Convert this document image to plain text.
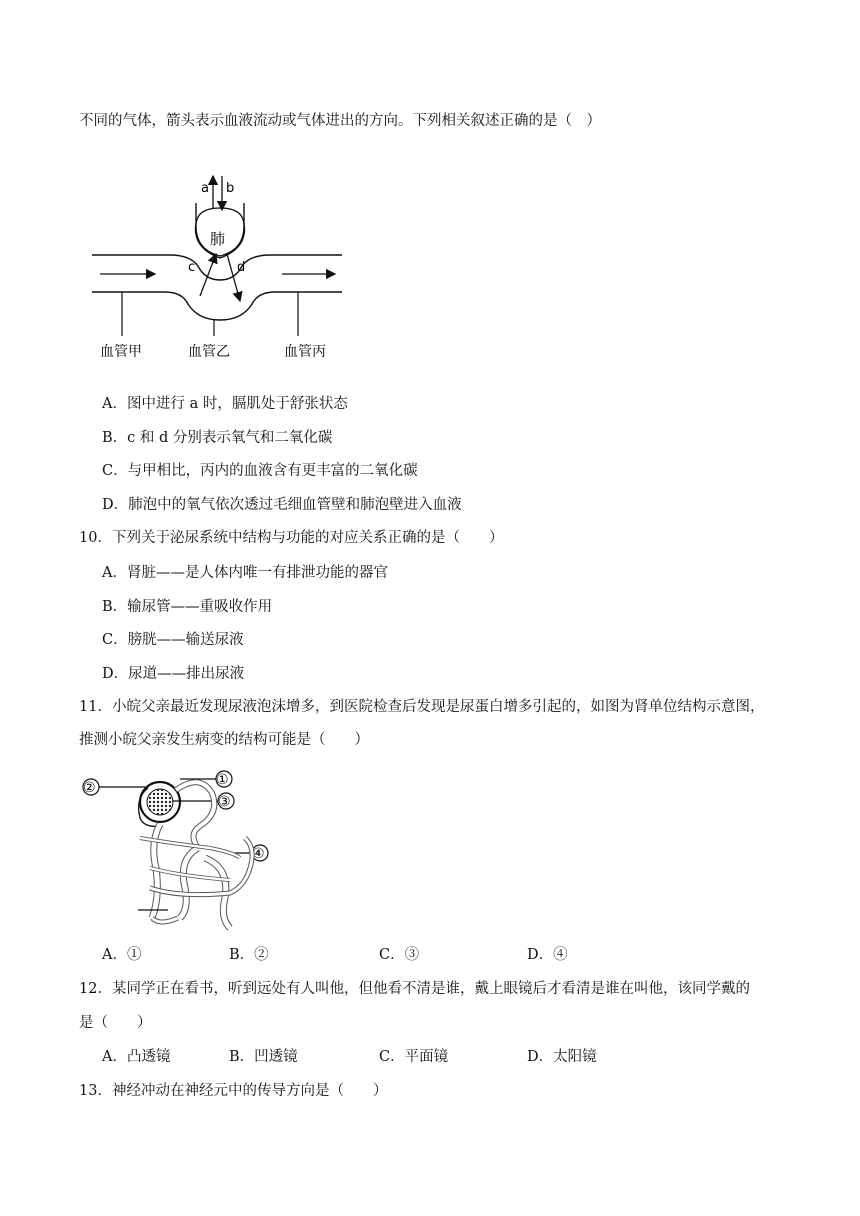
不同的气体，箭头表示血液流动或气体进出的方向。下列相关叙述正确的是（　）
肺
a b
c	d
血管甲	血管乙	血管丙
A．图中进行 a 时，膈肌处于舒张状态
B．c 和 d 分别表示氧气和二氧化碳
C．与甲相比，丙内的血液含有更丰富的二氧化碳
D．肺泡中的氧气依次透过毛细血管壁和肺泡壁进入血液
10．下列关于泌尿系统中结构与功能的对应关系正确的是（　　）
A．肾脏——是人体内唯一有排泄功能的器官
B．输尿管——重吸收作用
C．膀胱——输送尿液
D．尿道——排出尿液
11．小皖父亲最近发现尿液泡沫增多，到医院检查后发现是尿蛋白增多引起的，如图为肾单位结构示意图，
推测小皖父亲发生病变的结构可能是（　　）
②	①
③
④
A．①	B．②	C．③	D．④
12．某同学正在看书，听到远处有人叫他，但他看不清是谁，戴上眼镜后才看清是谁在叫他，该同学戴的
是（　　）
A．凸透镜	B．凹透镜	C．平面镜	D．太阳镜
13．神经冲动在神经元中的传导方向是（　　）
